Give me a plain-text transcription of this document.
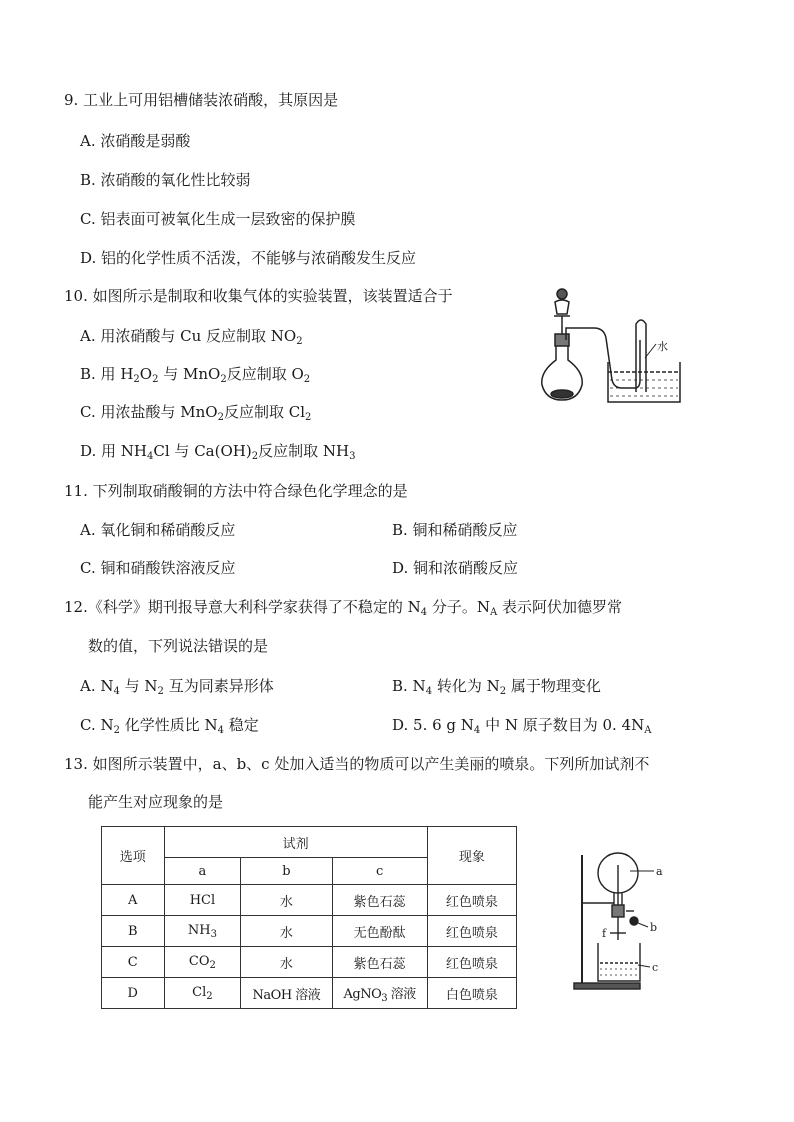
9. 工业上可用铝槽储装浓硝酸，其原因是
A. 浓硝酸是弱酸
B. 浓硝酸的氧化性比较弱
C. 铝表面可被氧化生成一层致密的保护膜
D. 铝的化学性质不活泼，不能够与浓硝酸发生反应
10. 如图所示是制取和收集气体的实验装置，该装置适合于
A. 用浓硝酸与 Cu 反应制取 $NO_2$
B. 用 $H_2O_2$ 与 MnO$_2$反应制取 $O_2$
C. 用浓盐酸与 MnO$_2$反应制取 $Cl_2$
D. 用 $NH_4Cl$ 与 $Ca(OH)_2$反应制取 $NH_3$
水
11. 下列制取硝酸铜的方法中符合绿色化学理念的是
A. 氧化铜和稀硝酸反应	B. 铜和稀硝酸反应
C. 铜和硝酸铁溶液反应	D. 铜和浓硝酸反应
12.《科学》期刊报导意大利科学家获得了不稳定的 $N_4$ 分子。$N_A$ 表示阿伏加德罗常
数的值，下列说法错误的是
A. $N_4$ 与 $N_2$ 互为同素异形体	B. $N_4$ 转化为 $N_2$ 属于物理变化
C. $N_2$ 化学性质比 $N_4$ 稳定	D. 5. 6 g $N_4$ 中 N 原子数目为 0. $4N_A$
13. 如图所示装置中，a、b、c 处加入适当的物质可以产生美丽的喷泉。下列所加试剂不
能产生对应现象的是
选项	试剂			现象
	a	b	c	
A	HCl	水	紫色石蕊	红色喷泉
B	$NH_3$	水	无色酚酞	红色喷泉
C	$CO_2$	水	紫色石蕊	红色喷泉
D	$Cl_2$	NaOH 溶液	AgNO$_3$ 溶液	白色喷泉
a
b
c
f
